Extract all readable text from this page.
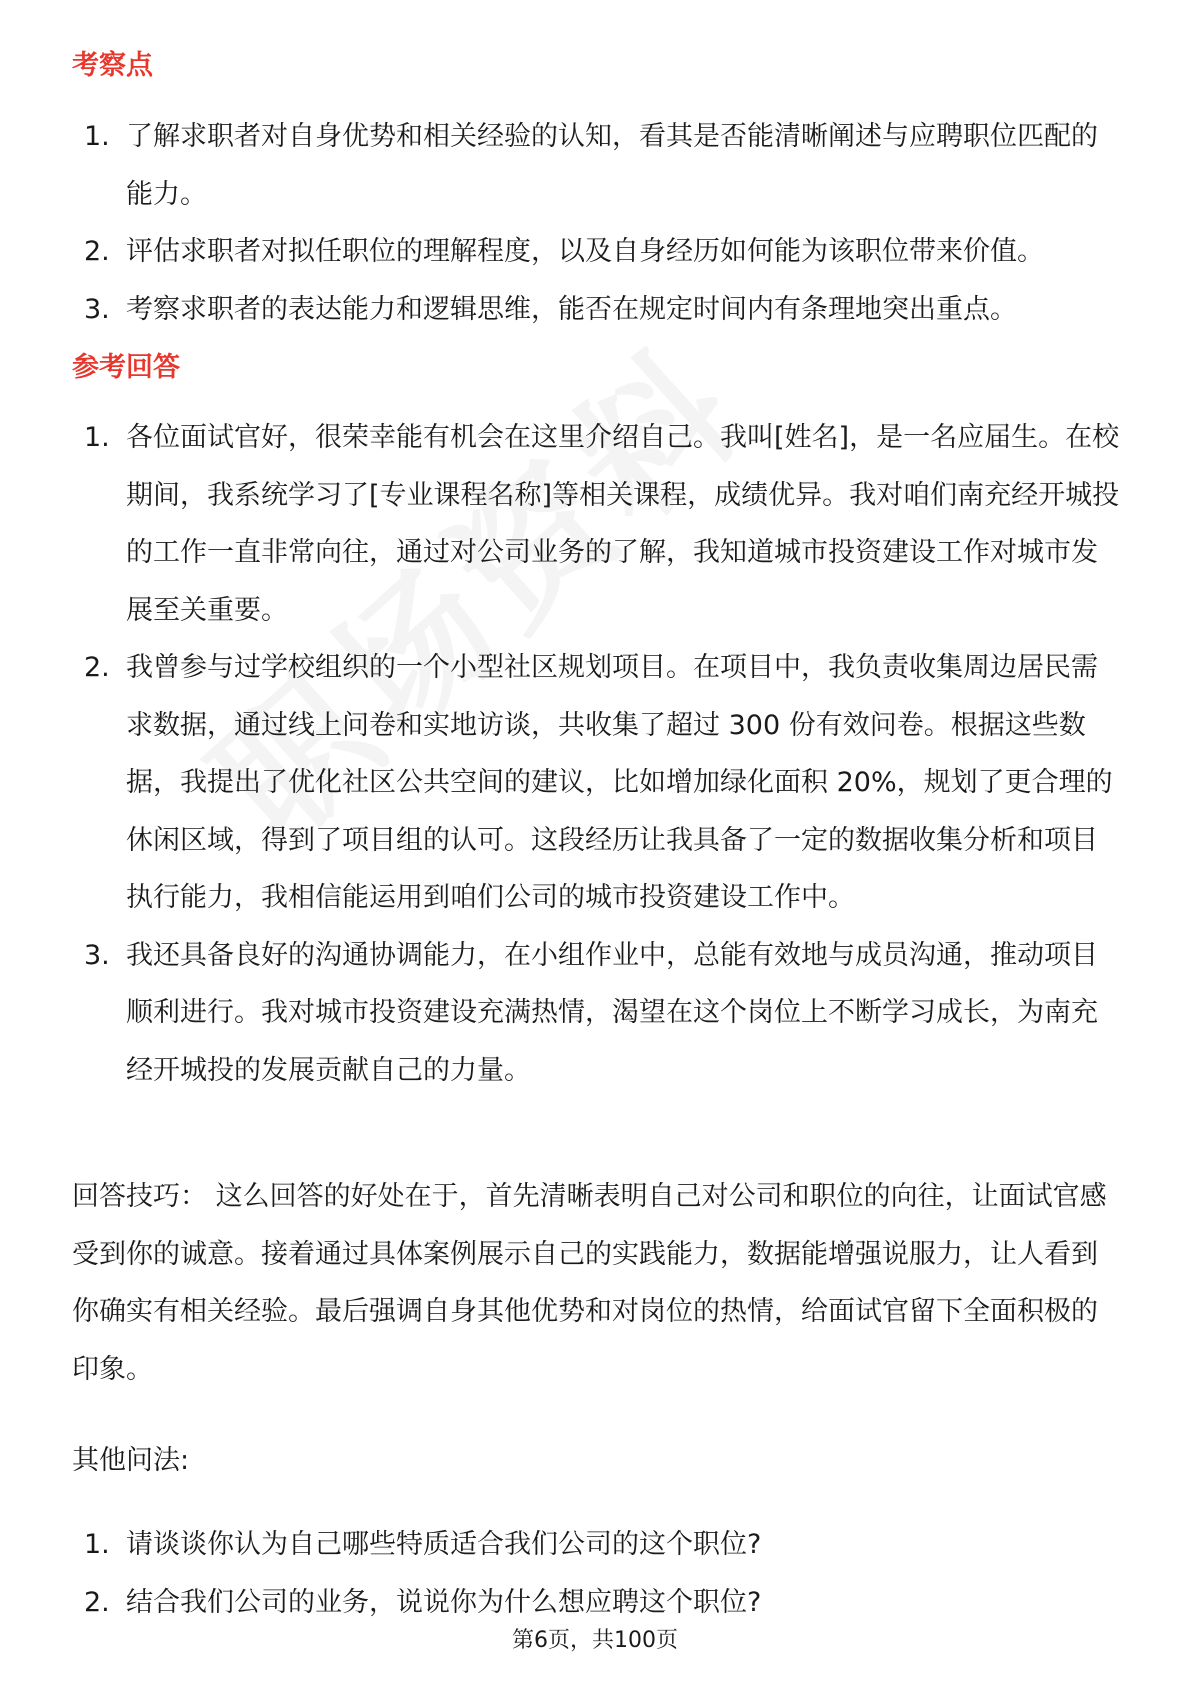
考察点
1. 了解求职者对自身优势和相关经验的认知，看其是否能清晰阐述与应聘职位匹配的能力。
2. 评估求职者对拟任职位的理解程度，以及自身经历如何能为该职位带来价值。
3. 考察求职者的表达能力和逻辑思维，能否在规定时间内有条理地突出重点。
参考回答
1. 各位面试官好，很荣幸能有机会在这里介绍自己。我叫[姓名]，是一名应届生。在校期间，我系统学习了[专业课程名称]等相关课程，成绩优异。我对咱们南充经开城投的工作一直非常向往，通过对公司业务的了解，我知道城市投资建设工作对城市发展至关重要。
2. 我曾参与过学校组织的一个小型社区规划项目。在项目中，我负责收集周边居民需求数据，通过线上问卷和实地访谈，共收集了超过 300 份有效问卷。根据这些数据，我提出了优化社区公共空间的建议，比如增加绿化面积 20%，规划了更合理的休闲区域，得到了项目组的认可。这段经历让我具备了一定的数据收集分析和项目执行能力，我相信能运用到咱们公司的城市投资建设工作中。
3. 我还具备良好的沟通协调能力，在小组作业中，总能有效地与成员沟通，推动项目顺利进行。我对城市投资建设充满热情，渴望在这个岗位上不断学习成长，为南充经开城投的发展贡献自己的力量。

回答技巧： 这么回答的好处在于，首先清晰表明自己对公司和职位的向往，让面试官感受到你的诚意。接着通过具体案例展示自己的实践能力，数据能增强说服力，让人看到你确实有相关经验。最后强调自身其他优势和对岗位的热情，给面试官留下全面积极的印象。

其他问法:

1. 请谈谈你认为自己哪些特质适合我们公司的这个职位?
2. 结合我们公司的业务，说说你为什么想应聘这个职位?
第6页，共100页
